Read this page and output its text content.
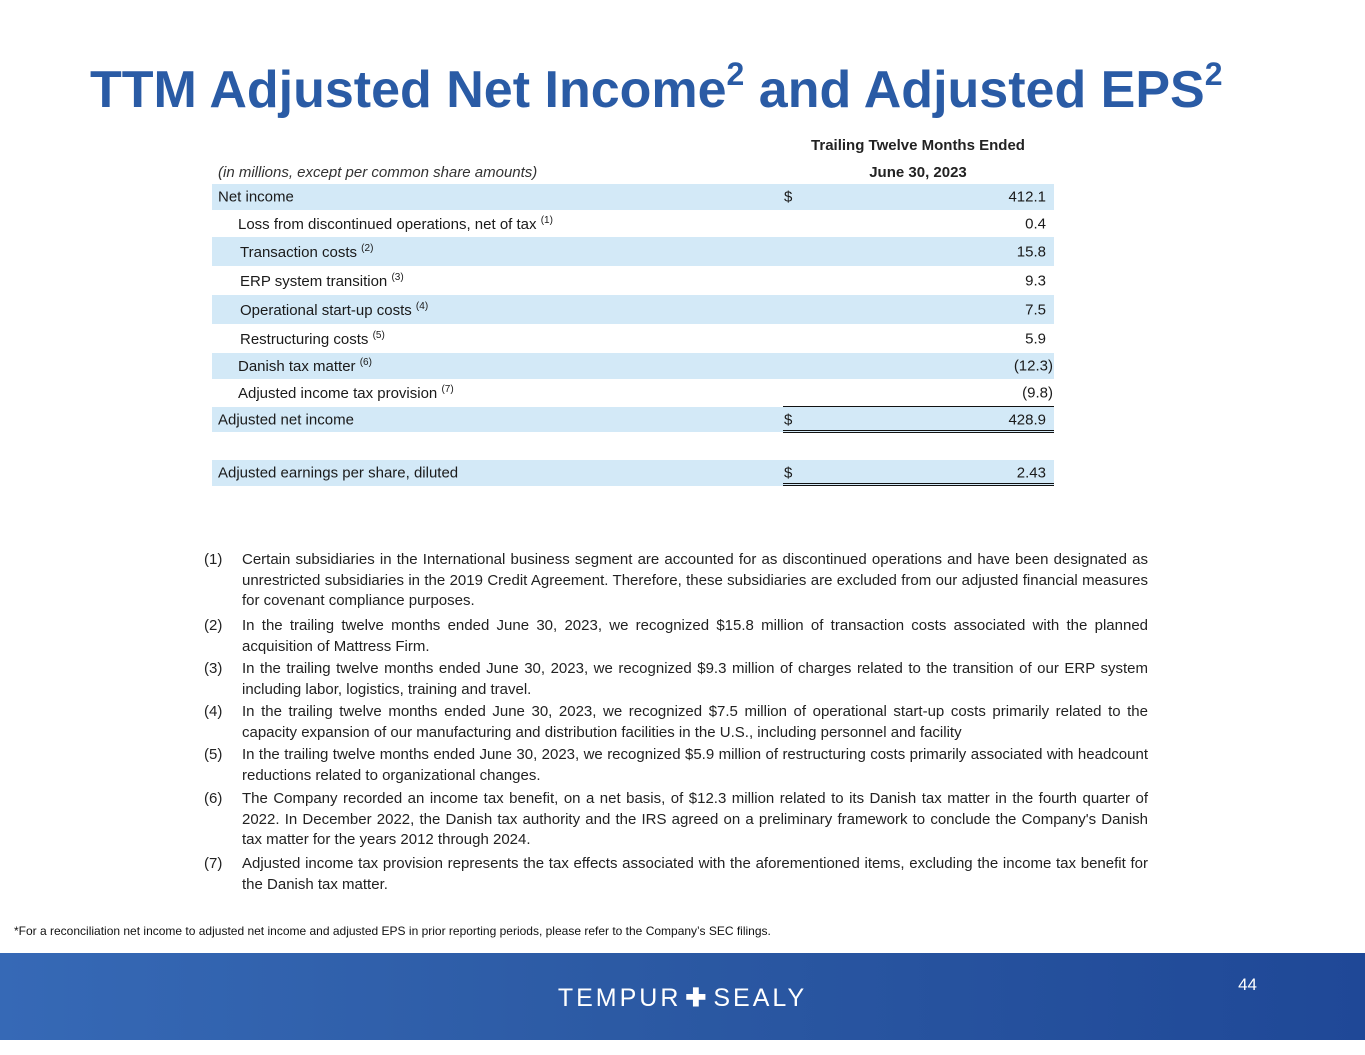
TTM Adjusted Net Income$^2$ and Adjusted EPS$^2$
Trailing Twelve Months Ended
(in millions, except per common share amounts)	June 30, 2023
Net income	$	412.1
Loss from discontinued operations, net of tax $^{(1)}$	0.4
Transaction costs $^{(2)}$	15.8
ERP system transition $^{(3)}$	9.3
Operational start-up costs $^{(4)}$	7.5
Restructuring costs $^{(5)}$	5.9
Danish tax matter $^{(6)}$	(12.3)
Adjusted income tax provision $^{(7)}$	(9.8)
Adjusted net income	$	428.9
Adjusted earnings per share, diluted	$	2.43
(1) Certain subsidiaries in the International business segment are accounted for as discontinued operations and have been designated as unrestricted subsidiaries in the 2019 Credit Agreement. Therefore, these subsidiaries are excluded from our adjusted financial measures for covenant compliance purposes.
(2) In the trailing twelve months ended June 30, 2023, we recognized $15.8 million of transaction costs associated with the planned acquisition of Mattress Firm.
(3) In the trailing twelve months ended June 30, 2023, we recognized $9.3 million of charges related to the transition of our ERP system including labor, logistics, training and travel.
(4) In the trailing twelve months ended June 30, 2023, we recognized $7.5 million of operational start-up costs primarily related to the capacity expansion of our manufacturing and distribution facilities in the U.S., including personnel and facility
(5) In the trailing twelve months ended June 30, 2023, we recognized $5.9 million of restructuring costs primarily associated with headcount reductions related to organizational changes.
(6) The Company recorded an income tax benefit, on a net basis, of $12.3 million related to its Danish tax matter in the fourth quarter of 2022. In December 2022, the Danish tax authority and the IRS agreed on a preliminary framework to conclude the Company's Danish tax matter for the years 2012 through 2024.
(7) Adjusted income tax provision represents the tax effects associated with the aforementioned items, excluding the income tax benefit for the Danish tax matter.
*For a reconciliation net income to adjusted net income and adjusted EPS in prior reporting periods, please refer to the Company’s SEC filings.
TEMPUR ✚ SEALY	44
